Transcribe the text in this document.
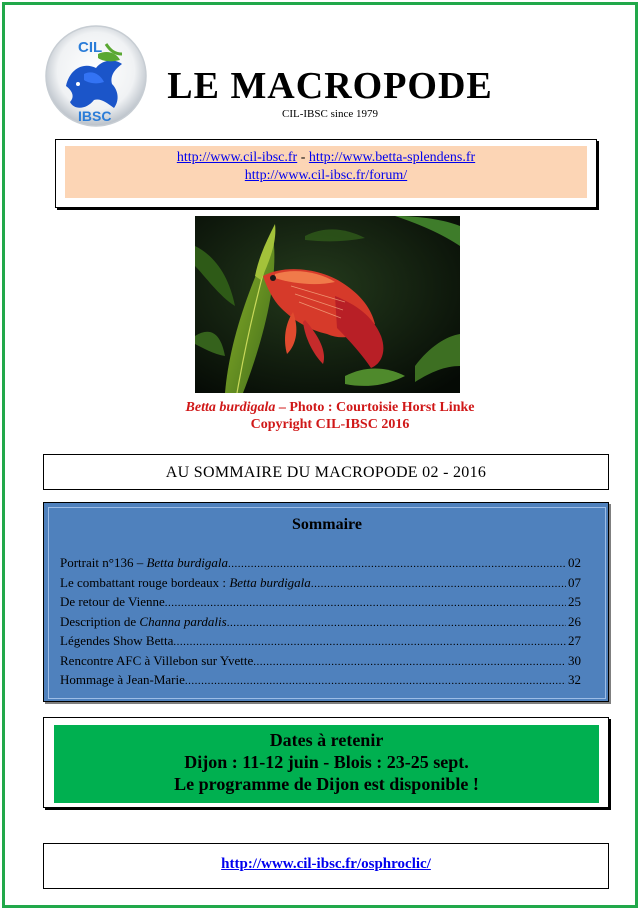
CIL
IBSC
LE MACROPODE
CIL-IBSC since 1979
http://www.cil-ibsc.fr - http://www.betta-splendens.fr
http://www.cil-ibsc.fr/forum/
Betta burdigala – Photo : Courtoisie Horst Linke
Copyright CIL-IBSC 2016
AU SOMMAIRE DU MACROPODE 02 - 2016
Sommaire
Portrait n°136 – Betta burdigala .....	02
Le combattant rouge bordeaux : Betta burdigala .....	07
De retour de Vienne .....	25
Description de Channa pardalis .....	26
Légendes Show Betta .....	27
Rencontre AFC à Villebon sur Yvette .....	30
Hommage à Jean-Marie .....	32
Dates à retenir
Dijon : 11-12 juin - Blois : 23-25 sept.
Le programme de Dijon est disponible !
http://www.cil-ibsc.fr/osphroclic/
